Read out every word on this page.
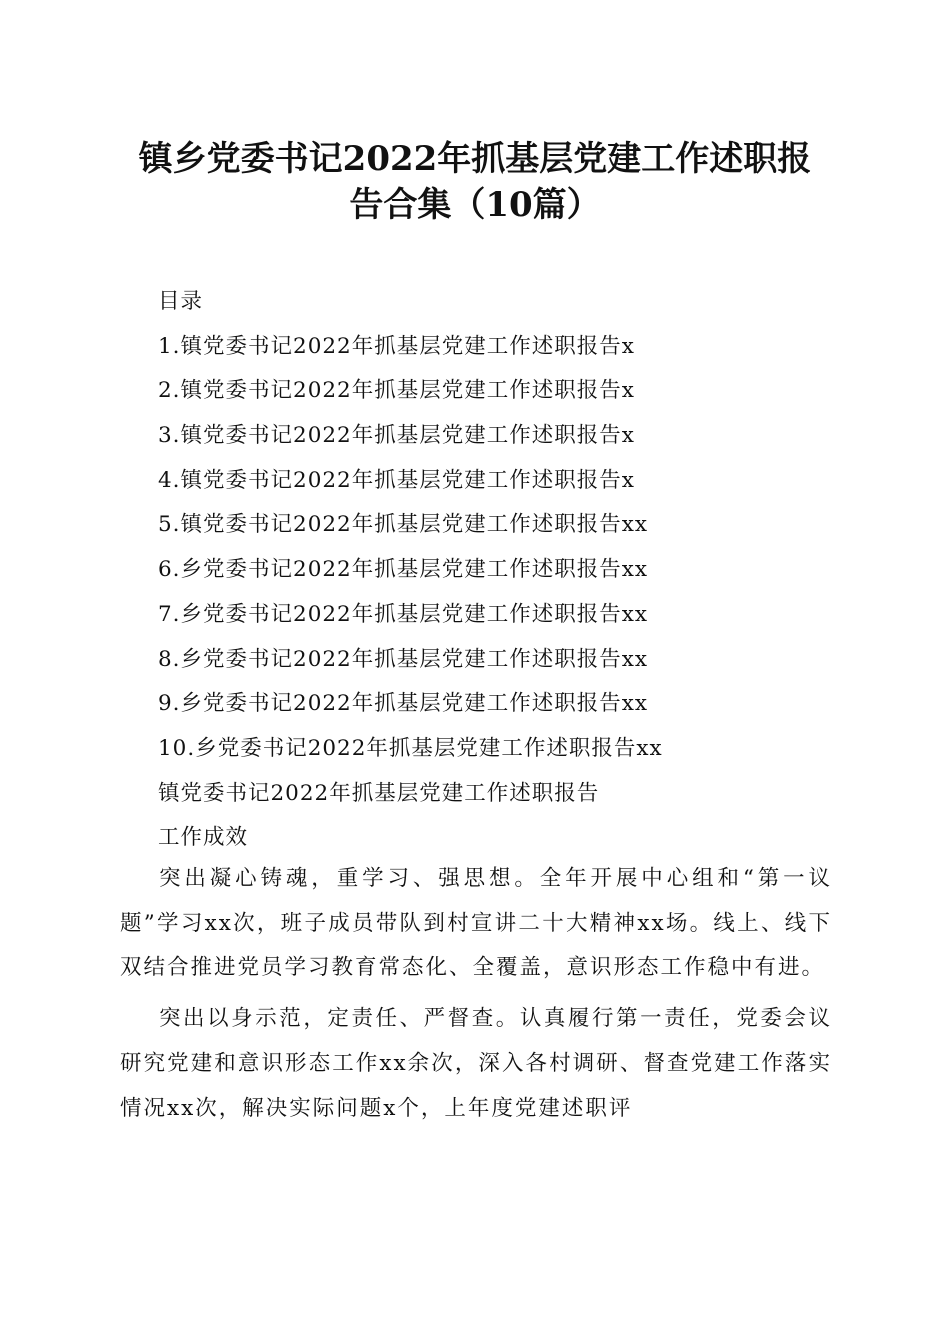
镇乡党委书记2022年抓基层党建工作述职报
告合集（10篇）
目录
1.镇党委书记2022年抓基层党建工作述职报告x
2.镇党委书记2022年抓基层党建工作述职报告x
3.镇党委书记2022年抓基层党建工作述职报告x
4.镇党委书记2022年抓基层党建工作述职报告x
5.镇党委书记2022年抓基层党建工作述职报告xx
6.乡党委书记2022年抓基层党建工作述职报告xx
7.乡党委书记2022年抓基层党建工作述职报告xx
8.乡党委书记2022年抓基层党建工作述职报告xx
9.乡党委书记2022年抓基层党建工作述职报告xx
10.乡党委书记2022年抓基层党建工作述职报告xx
镇党委书记2022年抓基层党建工作述职报告
工作成效

突出凝心铸魂，重学习、强思想。全年开展中心组和“第一议题”学习xx次，班子成员带队到村宣讲二十大精神xx场。线上、线下双结合推进党员学习教育常态化、全覆盖，意识形态工作稳中有进。

突出以身示范，定责任、严督查。认真履行第一责任，党委会议研究党建和意识形态工作xx余次，深入各村调研、督查党建工作落实情况xx次，解决实际问题x个，上年度党建述职评
